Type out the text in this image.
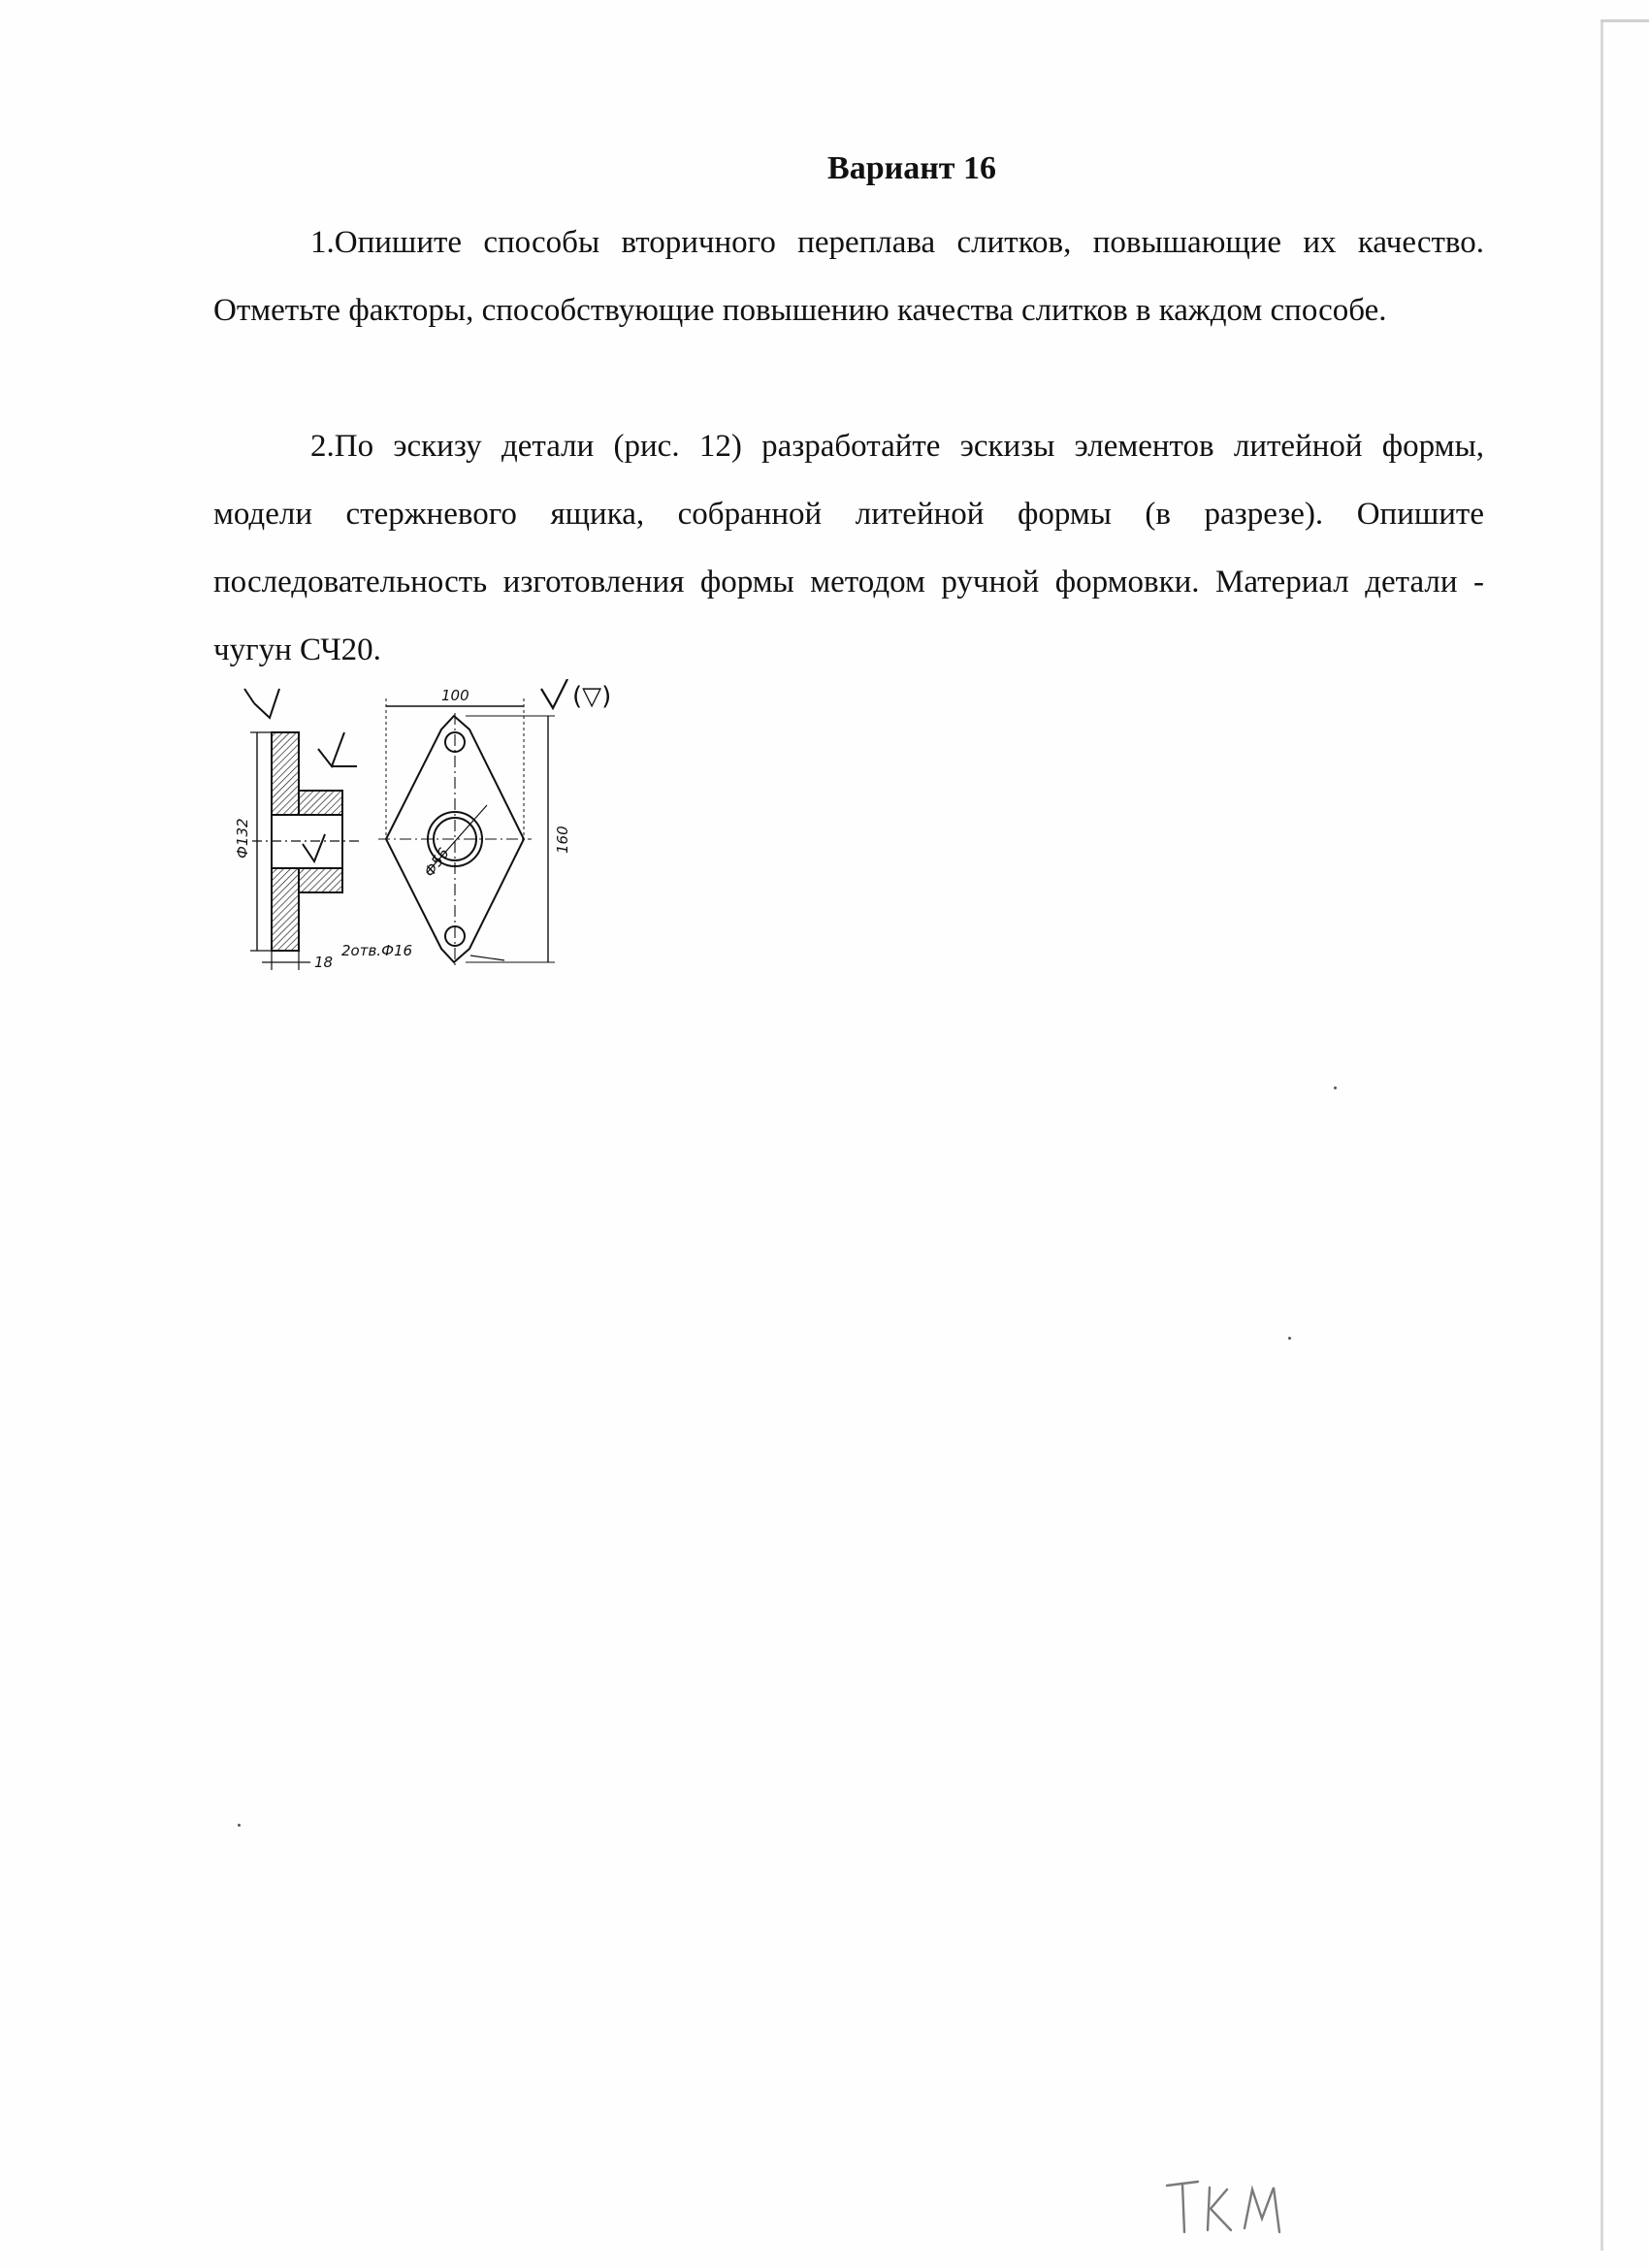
Вариант 16

1.Опишите способы вторичного переплава слитков, повышающие их качество. Отметьте факторы, способствующие повышению качества слитков в каждом способе.

2.По эскизу детали (рис. 12) разработайте эскизы элементов литейной формы, модели стержневого ящика, собранной литейной формы (в разрезе). Опишите последовательность изготовления формы методом ручной формовки. Материал детали - чугун СЧ20.

100
160
Ф132
Ф56
18
2отв.Ф16
(▽)
